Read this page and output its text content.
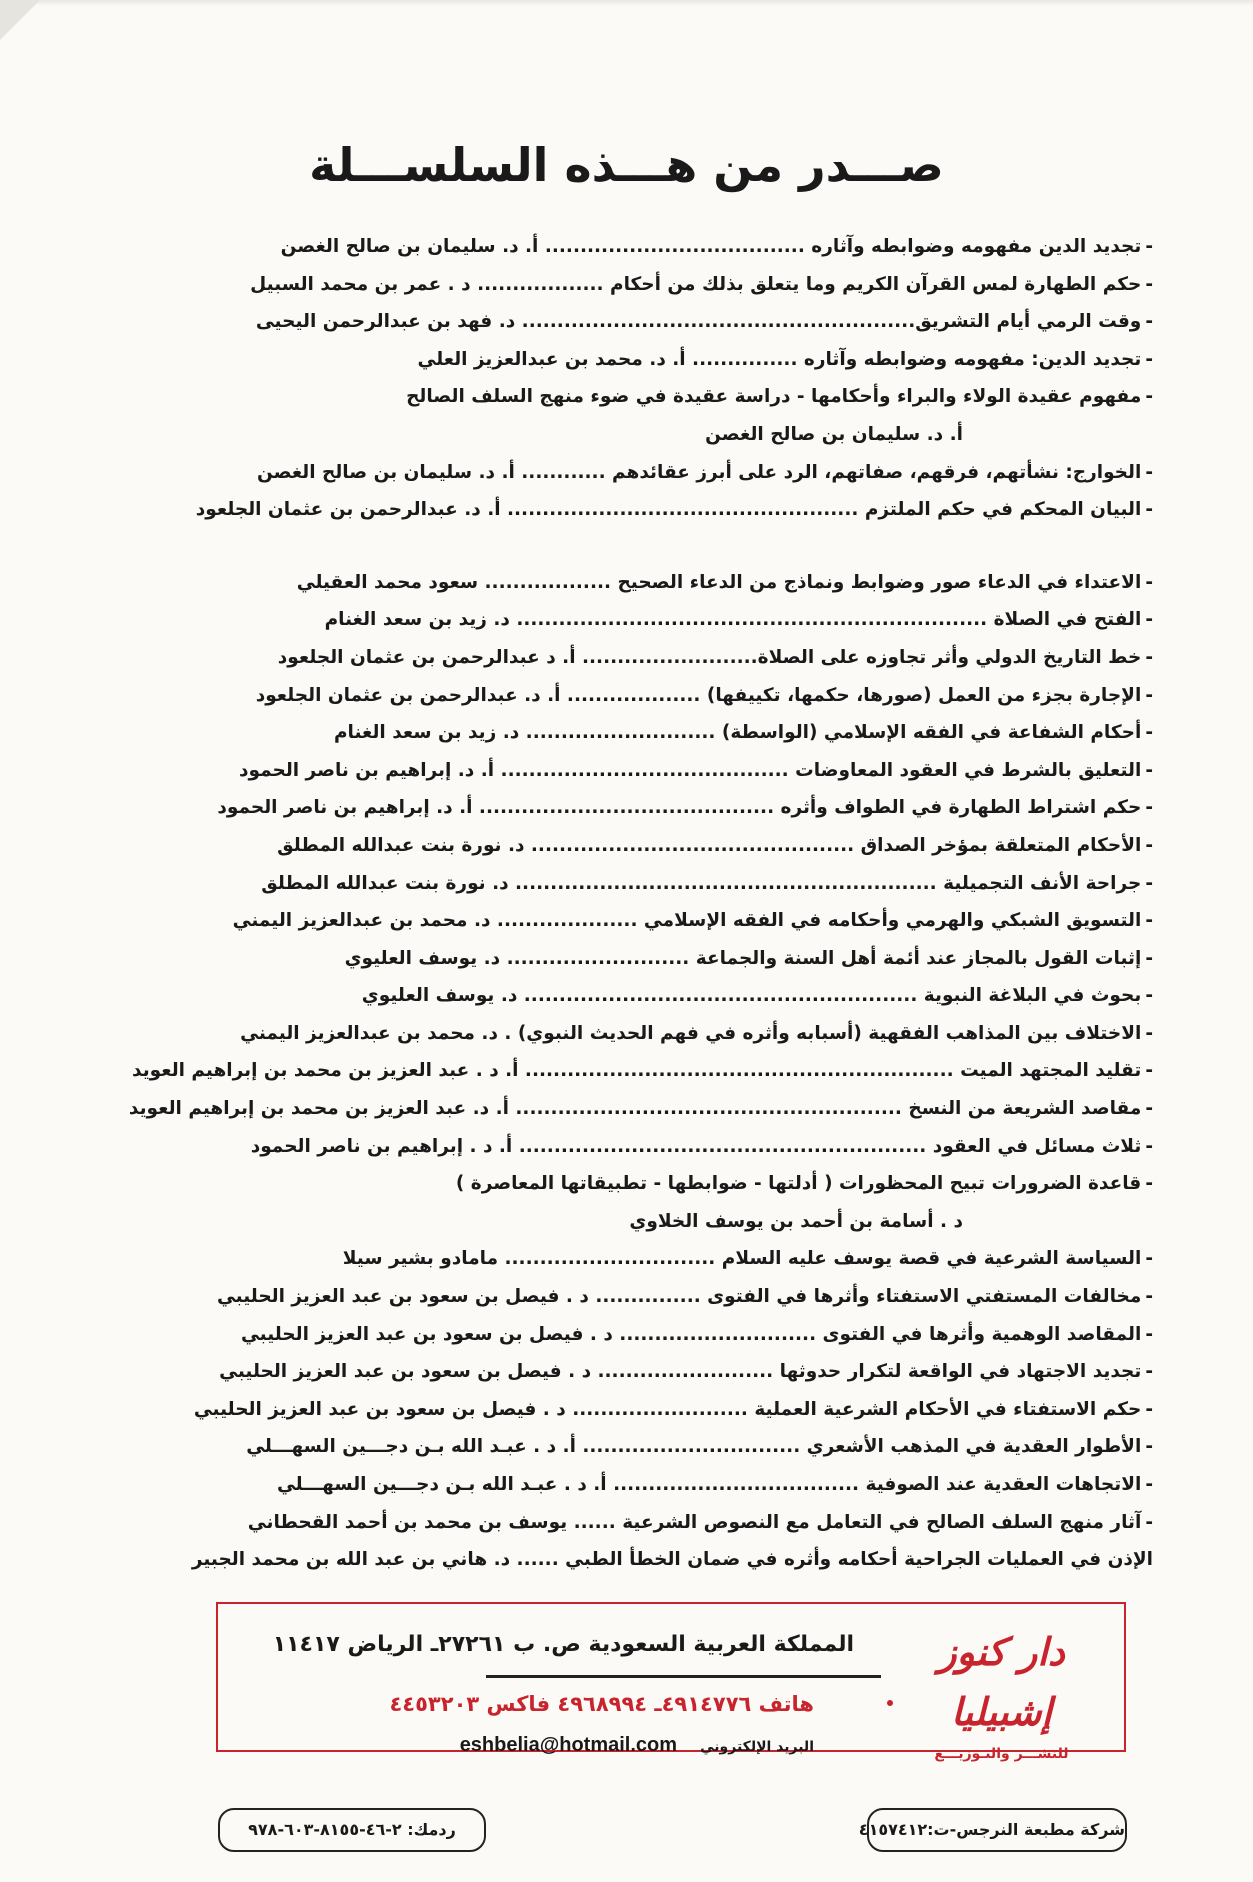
صـــدر من هـــذه السلســـلة
-تجديد الدين مفهومه وضوابطه وآثاره ..................................... أ. د. سليمان بن صالح الغصن
-حكم الطهارة لمس القرآن الكريم وما يتعلق بذلك من أحكام .................. د . عمر بن محمد السبيل
-وقت الرمي أيام التشريق........................................................ د. فهد بن عبدالرحمن اليحيى
-تجديد الدين: مفهومه وضوابطه وآثاره ............... أ. د. محمد بن عبدالعزيز العلي
-مفهوم عقيدة الولاء والبراء وأحكامها - دراسة عقيدة في ضوء منهج السلف الصالح
أ. د. سليمان بن صالح الغصن
-الخوارج: نشأتهم، فرقهم، صفاتهم، الرد على أبرز عقائدهم ............ أ. د. سليمان بن صالح الغصن
-البيان المحكم في حكم الملتزم .................................................. أ. د. عبدالرحمن بن عثمان الجلعود
-الاعتداء في الدعاء صور وضوابط ونماذج من الدعاء الصحيح .................. سعود محمد العقيلي
-الفتح في الصلاة ................................................................... د. زيد بن سعد الغنام
-خط التاريخ الدولي وأثر تجاوزه على الصلاة......................... أ. د عبدالرحمن بن عثمان الجلعود
-الإجارة بجزء من العمل (صورها، حكمها، تكييفها) ................... أ. د. عبدالرحمن بن عثمان الجلعود
-أحكام الشفاعة في الفقه الإسلامي (الواسطة) ........................... د. زيد بن سعد الغنام
-التعليق بالشرط في العقود المعاوضات ......................................... أ. د. إبراهيم بن ناصر الحمود
-حكم اشتراط الطهارة في الطواف وأثره .......................................... أ. د. إبراهيم بن ناصر الحمود
-الأحكام المتعلقة بمؤخر الصداق .............................................. د. نورة بنت عبدالله المطلق
-جراحة الأنف التجميلية ............................................................ د. نورة بنت عبدالله المطلق
-التسويق الشبكي والهرمي وأحكامه في الفقه الإسلامي .................... د. محمد بن عبدالعزيز اليمني
-إثبات القول بالمجاز عند أئمة أهل السنة والجماعة .......................... د. يوسف العليوي
-بحوث في البلاغة النبوية ........................................................ د. يوسف العليوي
-الاختلاف بين المذاهب الفقهية (أسبابه وأثره في فهم الحديث النبوي) . د. محمد بن عبدالعزيز اليمني
-تقليد المجتهد الميت ............................................................. أ. د . عبد العزيز بن محمد بن إبراهيم العويد
-مقاصد الشريعة من النسخ ....................................................... أ. د. عبد العزيز بن محمد بن إبراهيم العويد
-ثلاث مسائل في العقود .......................................................... أ. د . إبراهيم بن ناصر الحمود
-قاعدة الضرورات تبيح المحظورات ( أدلتها - ضوابطها - تطبيقاتها المعاصرة )
د . أسامة بن أحمد بن يوسف الخلاوي
-السياسة الشرعية في قصة يوسف عليه السلام .............................. مامادو بشير سيلا
-مخالفات المستفتي الاستفتاء وأثرها في الفتوى ............... د . فيصل بن سعود بن عبد العزيز الحليبي
-المقاصد الوهمية وأثرها في الفتوى ............................ د . فيصل بن سعود بن عبد العزيز الحليبي
-تجديد الاجتهاد في الواقعة لتكرار حدوثها ......................... د . فيصل بن سعود بن عبد العزيز الحليبي
-حكم الاستفتاء في الأحكام الشرعية العملية ......................... د . فيصل بن سعود بن عبد العزيز الحليبي
-الأطوار العقدية في المذهب الأشعري ............................... أ. د . عبـد الله بـن دجـــين السهـــلي
-الاتجاهات العقدية عند الصوفية ................................... أ. د . عبـد الله بـن دجـــين السهـــلي
-آثار منهج السلف الصالح في التعامل مع النصوص الشرعية ...... يوسف بن محمد بن أحمد القحطاني
الإذن في العمليات الجراحية أحكامه وأثره في ضمان الخطأ الطبي ...... د. هاني بن عبد الله بن محمد الجبير
دار كنوز إشبيليا
للنشـــر والتـوزيـــع
المملكة العربية السعودية ص. ب ٢٧٢٦١ـ الرياض ١١٤١٧
هاتف ٤٩١٤٧٧٦ـ ٤٩٦٨٩٩٤ فاكس ٤٤٥٣٢٠٣
البريد الإلكتروني eshbelia@hotmail.com
شركة مطبعة النرجس-ت:٤١٥٧٤١٢
ردمك: ٢-٤٦-٨١٥٥-٦٠٣-٩٧٨
